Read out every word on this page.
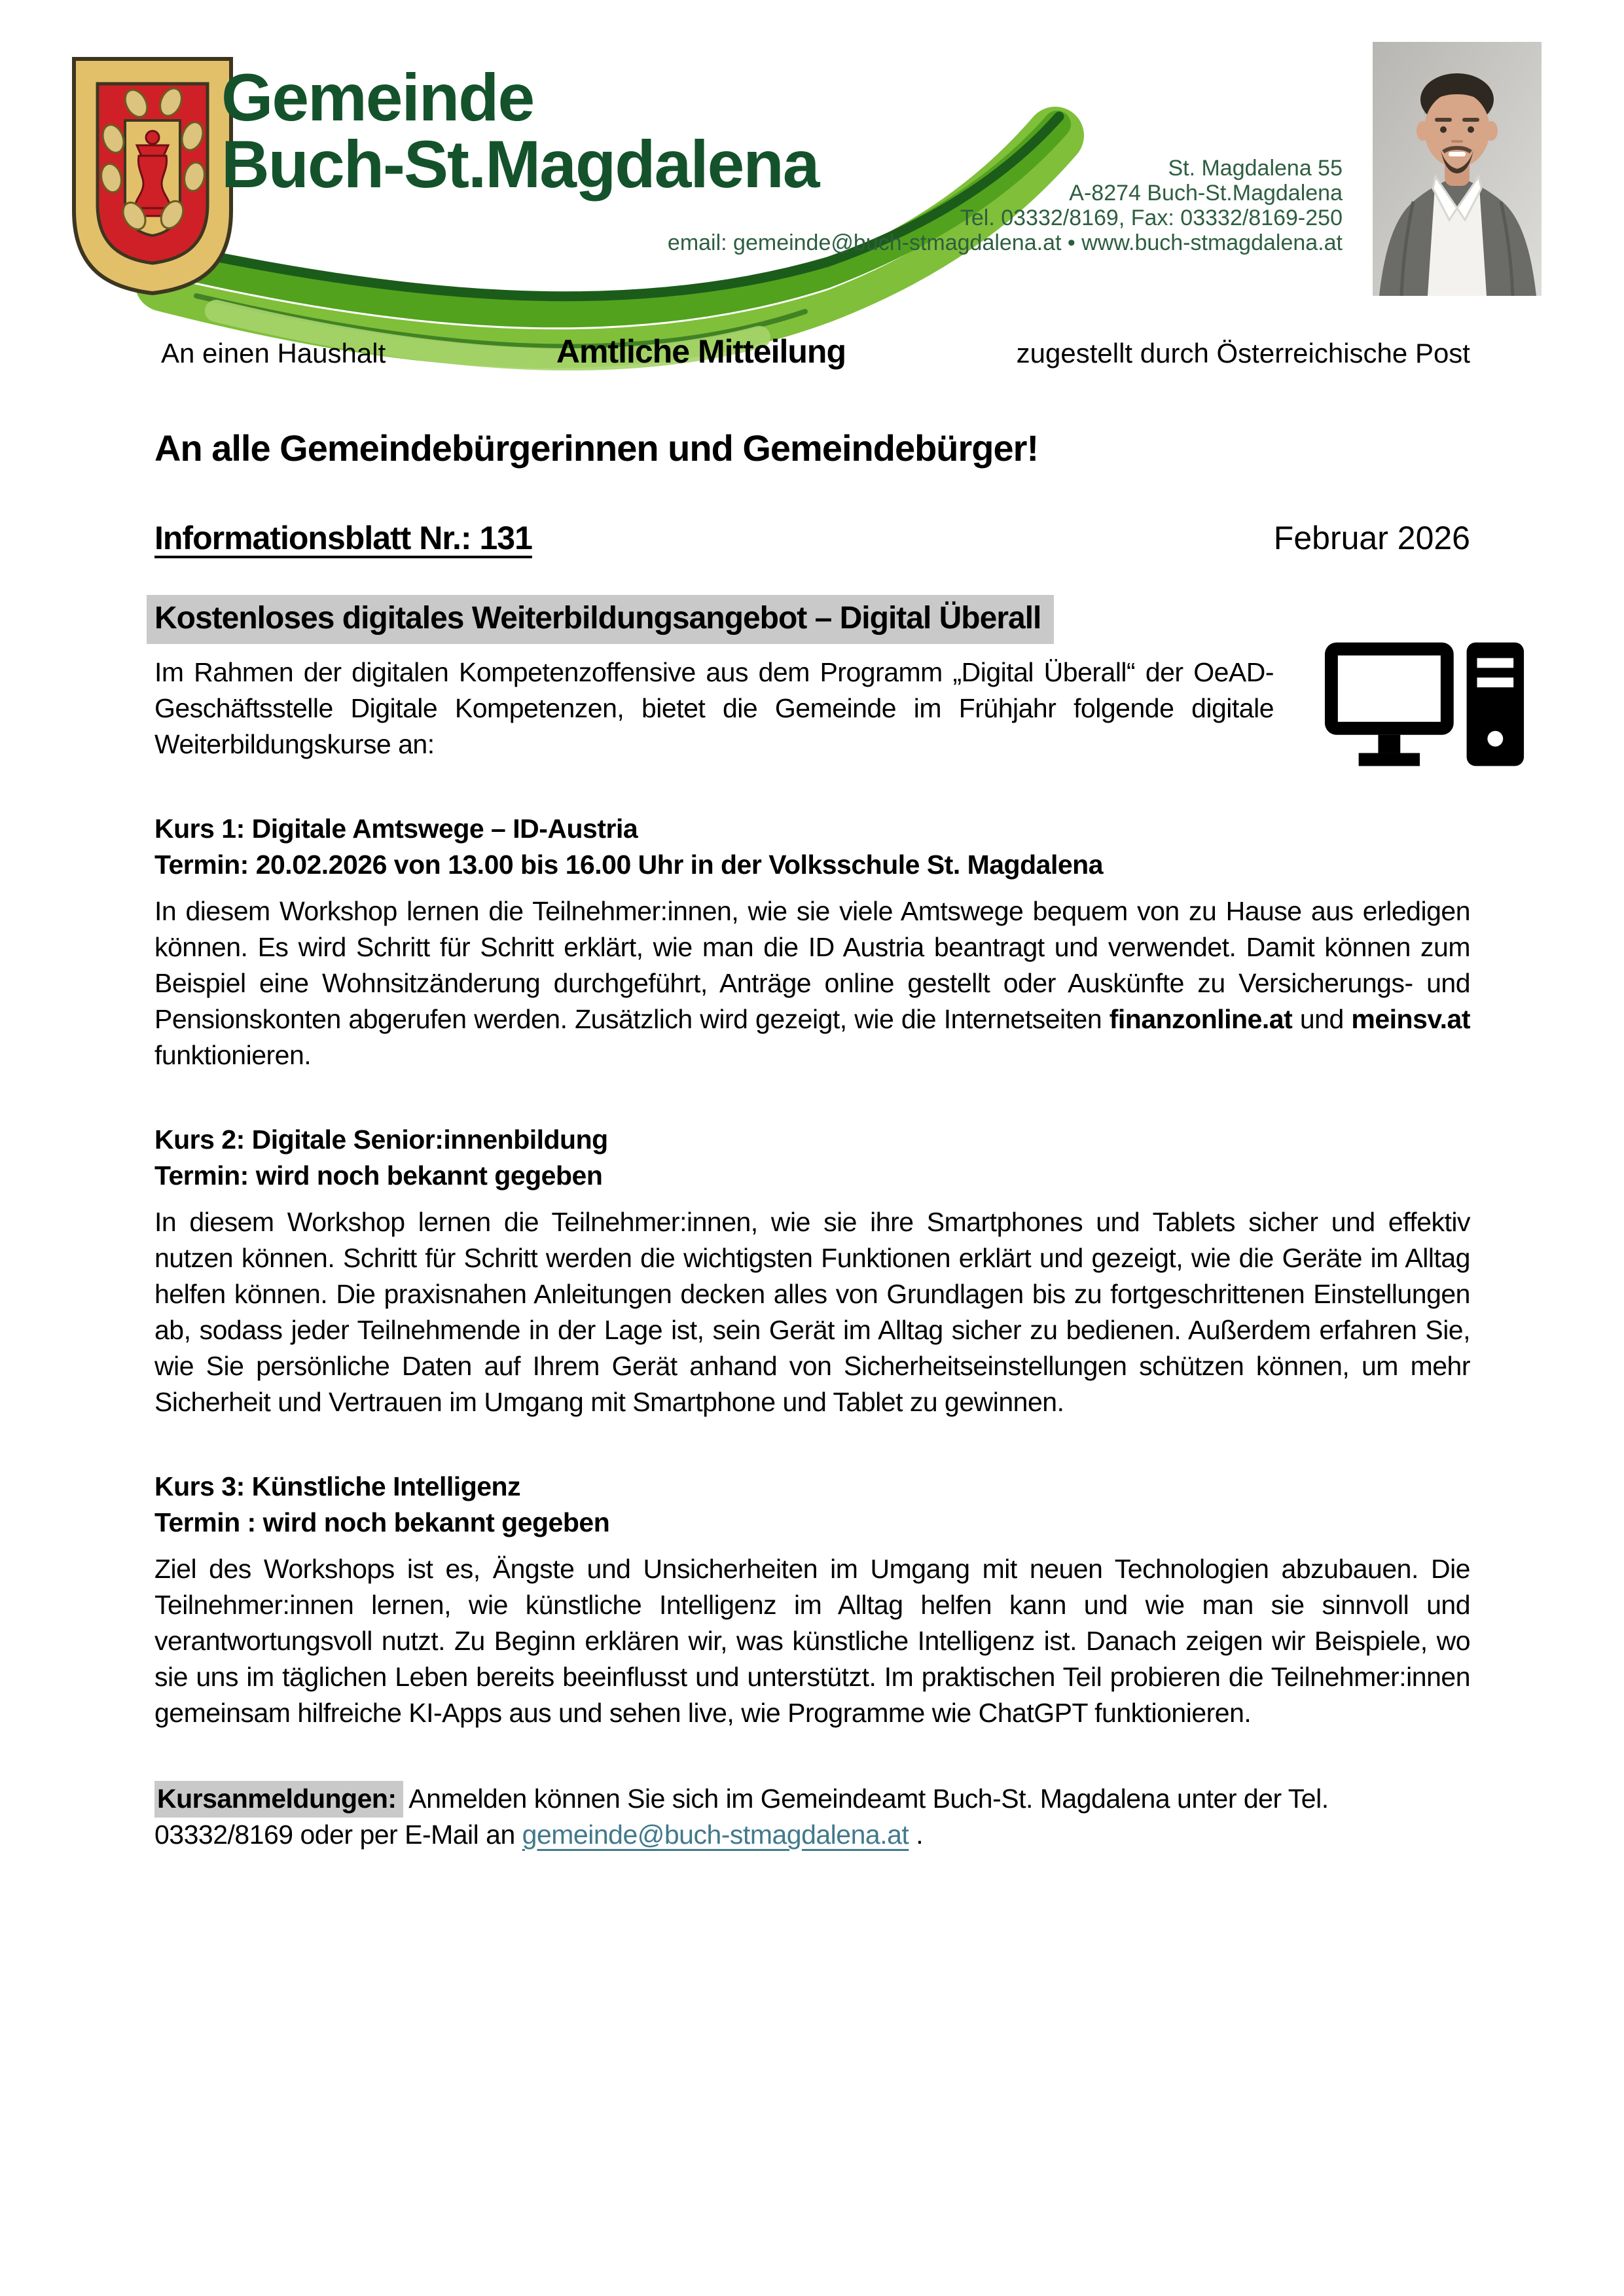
Gemeinde
Buch-St.Magdalena	St. Magdalena 55
A-8274 Buch-St.Magdalena
Tel. 03332/8169, Fax: 03332/8169-250
email: gemeinde@buch-stmagdalena.at • www.buch-stmagdalena.at
An einen Haushalt	Amtliche Mitteilung	zugestellt durch Österreichische Post
An alle Gemeindebürgerinnen und Gemeindebürger!
Informationsblatt Nr.: 131	Februar 2026
Kostenloses digitales Weiterbildungsangebot – Digital Überall

Im Rahmen der digitalen Kompetenzoffensive aus dem Programm „Digital Überall“ der OeAD-Geschäftsstelle Digitale Kompetenzen, bietet die Gemeinde im Frühjahr folgende digitale Weiterbildungskurse an:

Kurs 1: Digitale Amtswege – ID-Austria
Termin: 20.02.2026 von 13.00 bis 16.00 Uhr in der Volksschule St. Magdalena

In diesem Workshop lernen die Teilnehmer:innen, wie sie viele Amtswege bequem von zu Hause aus erledigen können. Es wird Schritt für Schritt erklärt, wie man die ID Austria beantragt und verwendet. Damit können zum Beispiel eine Wohnsitzänderung durchgeführt, Anträge online gestellt oder Auskünfte zu Versicherungs- und Pensionskonten abgerufen werden. Zusätzlich wird gezeigt, wie die Internetseiten finanzonline.at und meinsv.at funktionieren.

Kurs 2: Digitale Senior:innenbildung
Termin: wird noch bekannt gegeben

In diesem Workshop lernen die Teilnehmer:innen, wie sie ihre Smartphones und Tablets sicher und effektiv nutzen können. Schritt für Schritt werden die wichtigsten Funktionen erklärt und gezeigt, wie die Geräte im Alltag helfen können. Die praxisnahen Anleitungen decken alles von Grundlagen bis zu fortgeschrittenen Einstellungen ab, sodass jeder Teilnehmende in der Lage ist, sein Gerät im Alltag sicher zu bedienen. Außerdem erfahren Sie, wie Sie persönliche Daten auf Ihrem Gerät anhand von Sicherheitseinstellungen schützen können, um mehr Sicherheit und Vertrauen im Umgang mit Smartphone und Tablet zu gewinnen.

Kurs 3: Künstliche Intelligenz
Termin : wird noch bekannt gegeben

Ziel des Workshops ist es, Ängste und Unsicherheiten im Umgang mit neuen Technologien abzubauen. Die Teilnehmer:innen lernen, wie künstliche Intelligenz im Alltag helfen kann und wie man sie sinnvoll und verantwortungsvoll nutzt. Zu Beginn erklären wir, was künstliche Intelligenz ist. Danach zeigen wir Beispiele, wo sie uns im täglichen Leben bereits beeinflusst und unterstützt. Im praktischen Teil probieren die Teilnehmer:innen gemeinsam hilfreiche KI-Apps aus und sehen live, wie Programme wie ChatGPT funktionieren.

Kursanmeldungen: Anmelden können Sie sich im Gemeindeamt Buch-St. Magdalena unter der Tel. 03332/8169 oder per E-Mail an gemeinde@buch-stmagdalena.at .
